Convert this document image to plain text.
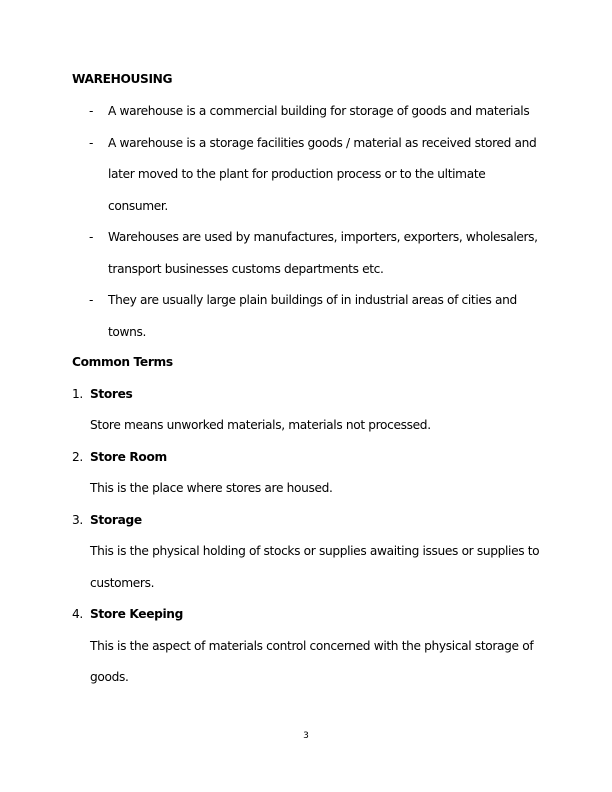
WAREHOUSING
- A warehouse is a commercial building for storage of goods and materials
- A warehouse is a storage facilities goods / material as received stored and
later moved to the plant for production process or to the ultimate
consumer.
- Warehouses are used by manufactures, importers, exporters, wholesalers,
transport businesses customs departments etc.
- They are usually large plain buildings of in industrial areas of cities and
towns.
Common Terms
1. Stores
Store means unworked materials, materials not processed.
2. Store Room
This is the place where stores are housed.
3. Storage
This is the physical holding of stocks or supplies awaiting issues or supplies to
customers.
4. Store Keeping
This is the aspect of materials control concerned with the physical storage of
goods.
3
